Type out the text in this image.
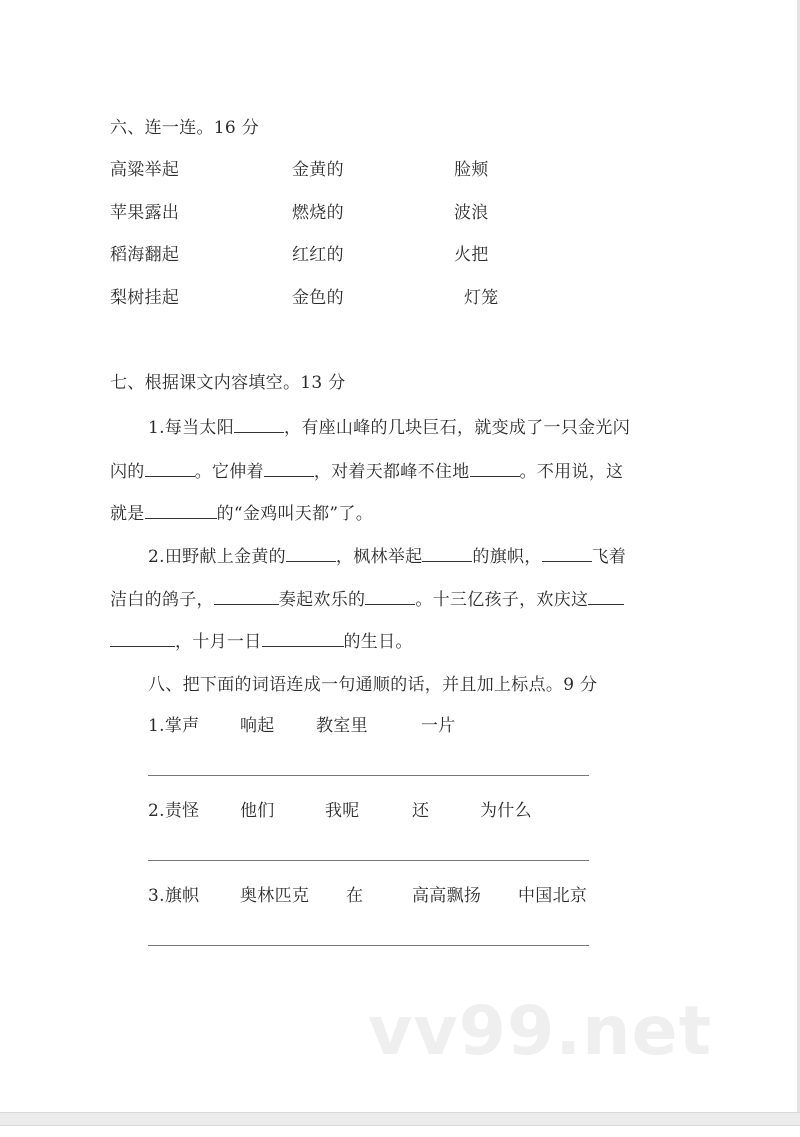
六、连一连。16 分
高粱举起	金黄的	脸颊
苹果露出	燃烧的	波浪
稻海翻起	红红的	火把
梨树挂起	金色的	灯笼
七、根据课文内容填空。13 分
1.每当太阳	，有座山峰的几块巨石，就变成了一只金光闪
闪的	。它伸着	，对着天都峰不住地	。不用说，这
就是	的“金鸡叫天都”了。
2.田野献上金黄的	，枫林举起	的旗帜，	飞着
洁白的鸽子，	奏起欢乐的	。十三亿孩子，欢庆这
，十月一日	的生日。
八、把下面的词语连成一句通顺的话，并且加上标点。9 分
1.掌声 响起 教室里	一片
2.责怪 他们	我呢	还	为什么
3.旗帜 奥林匹克 在	高高飘扬 中国北京
vv99.net
